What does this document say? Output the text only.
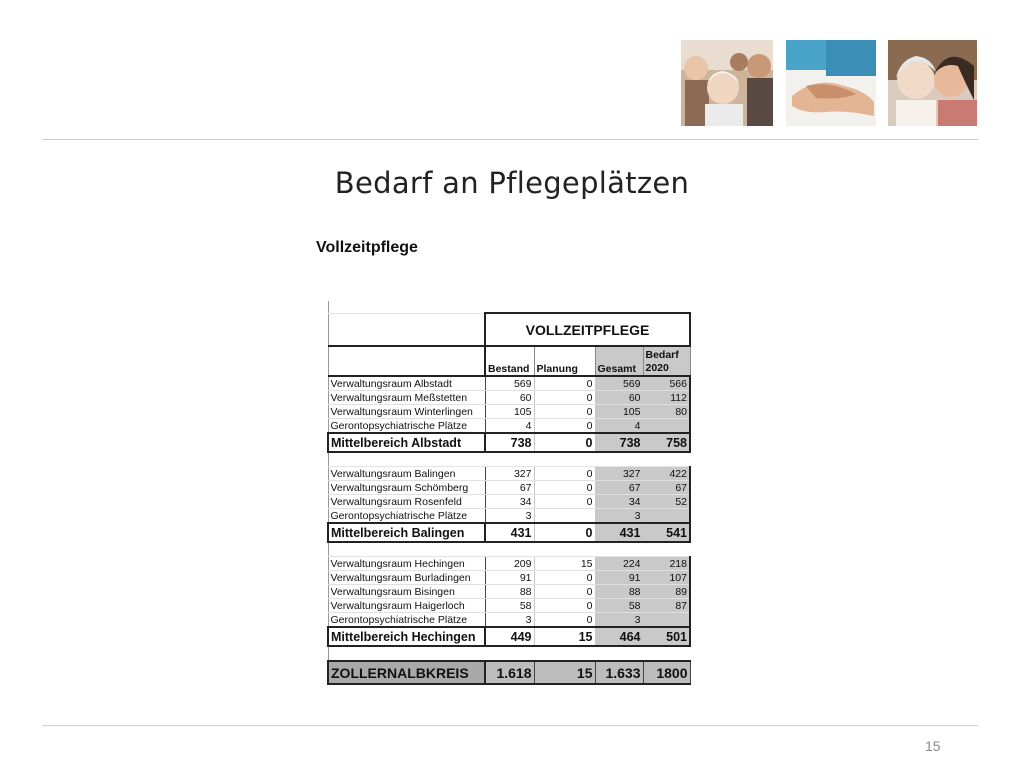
Bedarf an Pflegeplätzen
Vollzeitpflege

	VOLLZEITPFLEGE			
	Bestand	Planung	Gesamt	Bedarf 2020
Verwaltungsraum Albstadt	569	0	569	566
Verwaltungsraum Meßstetten	60	0	60	112
Verwaltungsraum Winterlingen	105	0	105	80
Gerontopsychiatrische Plätze	4	0	4	
Mittelbereich Albstadt	738	0	738	758

Verwaltungsraum Balingen	327	0	327	422
Verwaltungsraum Schömberg	67	0	67	67
Verwaltungsraum Rosenfeld	34	0	34	52
Gerontopsychiatrische Plätze	3		3	
Mittelbereich Balingen	431	0	431	541

Verwaltungsraum Hechingen	209	15	224	218
Verwaltungsraum Burladingen	91	0	91	107
Verwaltungsraum Bisingen	88	0	88	89
Verwaltungsraum Haigerloch	58	0	58	87
Gerontopsychiatrische Plätze	3	0	3	
Mittelbereich Hechingen	449	15	464	501

ZOLLERNALBKREIS	1.618	15	1.633	1800
15
